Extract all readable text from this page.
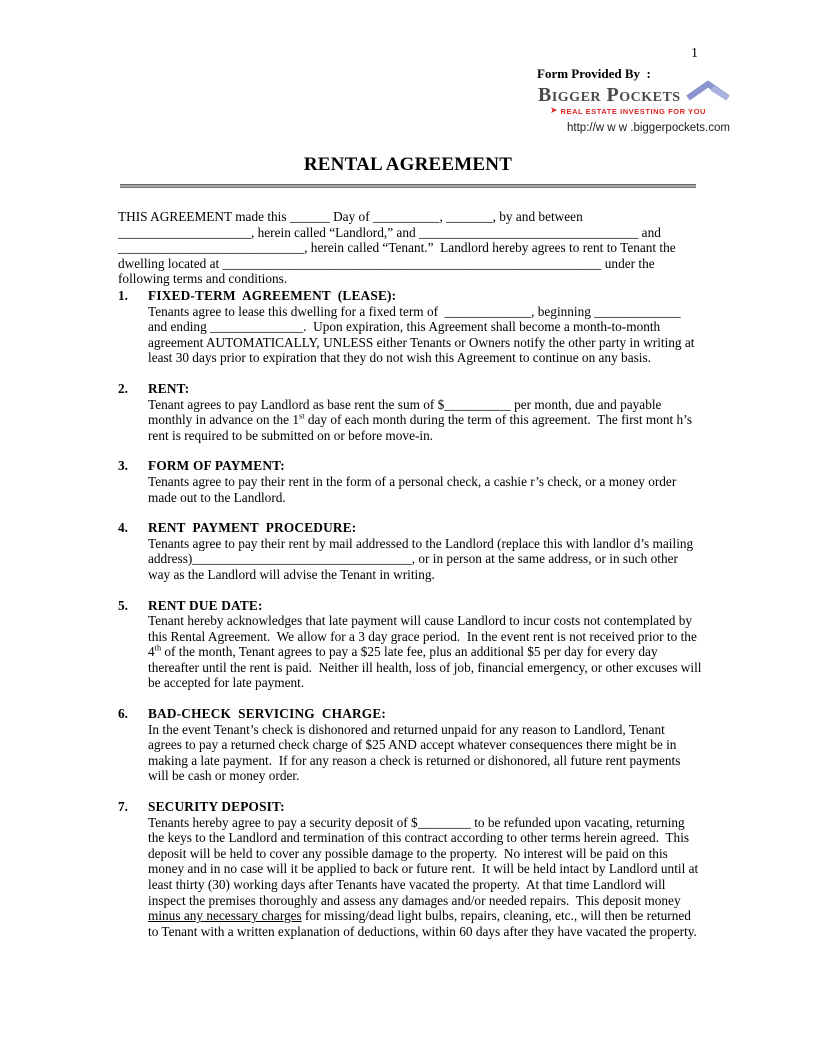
1
Form Provided By  :
Bigger Pockets
➤ REAL ESTATE INVESTING FOR YOU
http://w w w .biggerpockets.com
RENTAL AGREEMENT
THIS AGREEMENT made this ______ Day of __________, _______, by and between ____________________, herein called “Landlord,” and _________________________________ and ____________________________, herein called “Tenant.”  Landlord hereby agrees to rent to Tenant the dwelling located at _________________________________________________________ under the following terms and conditions.
1.	FIXED-TERM  AGREEMENT  (LEASE):
Tenants agree to lease this dwelling for a fixed term of  _____________, beginning _____________ and ending ______________.  Upon expiration, this Agreement shall become a month-to-month agreement AUTOMATICALLY, UNLESS either Tenants or Owners notify the other party in writing at least 30 days prior to expiration that they do not wish this Agreement to continue on any basis.
2.	RENT:
Tenant agrees to pay Landlord as base rent the sum of $__________ per month, due and payable monthly in advance on the 1st day of each month during the term of this agreement.  The first mont h’s rent is required to be submitted on or before move-in.
3.	FORM OF PAYMENT:
Tenants agree to pay their rent in the form of a personal check, a cashie r’s check, or a money order made out to the Landlord.
4.	RENT  PAYMENT  PROCEDURE:
Tenants agree to pay their rent by mail addressed to the Landlord (replace this with landlor d’s mailing address)_________________________________, or in person at the same address, or in such other way as the Landlord will advise the Tenant in writing.
5.	RENT DUE DATE:
Tenant hereby acknowledges that late payment will cause Landlord to incur costs not contemplated by this Rental Agreement.  We allow for a 3 day grace period.  In the event rent is not received prior to the 4th of the month, Tenant agrees to pay a $25 late fee, plus an additional $5 per day for every day thereafter until the rent is paid.  Neither ill health, loss of job, financial emergency, or other excuses will be accepted for late payment.
6.	BAD-CHECK  SERVICING  CHARGE:
In the event Tenant’s check is dishonored and returned unpaid for any reason to Landlord, Tenant agrees to pay a returned check charge of $25 AND accept whatever consequences there might be in making a late payment.  If for any reason a check is returned or dishonored, all future rent payments will be cash or money order.
7.	SECURITY DEPOSIT:
Tenants hereby agree to pay a security deposit of $________ to be refunded upon vacating, returning the keys to the Landlord and termination of this contract according to other terms herein agreed.  This deposit will be held to cover any possible damage to the property.  No interest will be paid on this money and in no case will it be applied to back or future rent.  It will be held intact by Landlord until at least thirty (30) working days after Tenants have vacated the property.  At that time Landlord will inspect the premises thoroughly and assess any damages and/or needed repairs.  This deposit money minus any necessary charges for missing/dead light bulbs, repairs, cleaning, etc., will then be returned to Tenant with a written explanation of deductions, within 60 days after they have vacated the property.
